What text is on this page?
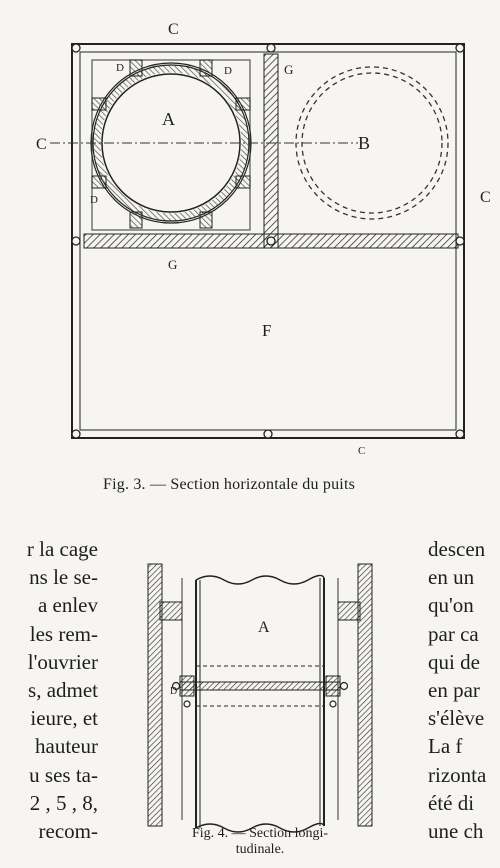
C
C
C
C
A
B
D	D
D
G
G
F
Fig. 3. — Section horizontale du puits
A
D
Fig. 4. — Section longi-
tudinale.
r la cage
ns le se-
a enlev
les rem-
l'ouvrier
s, admet
ieure, et
hauteur
u ses ta-
2 , 5 , 8,
recom-
descen
en un
qu'on
par ca
qui de
en par
s'élève
La f
rizonta
été di
une ch
